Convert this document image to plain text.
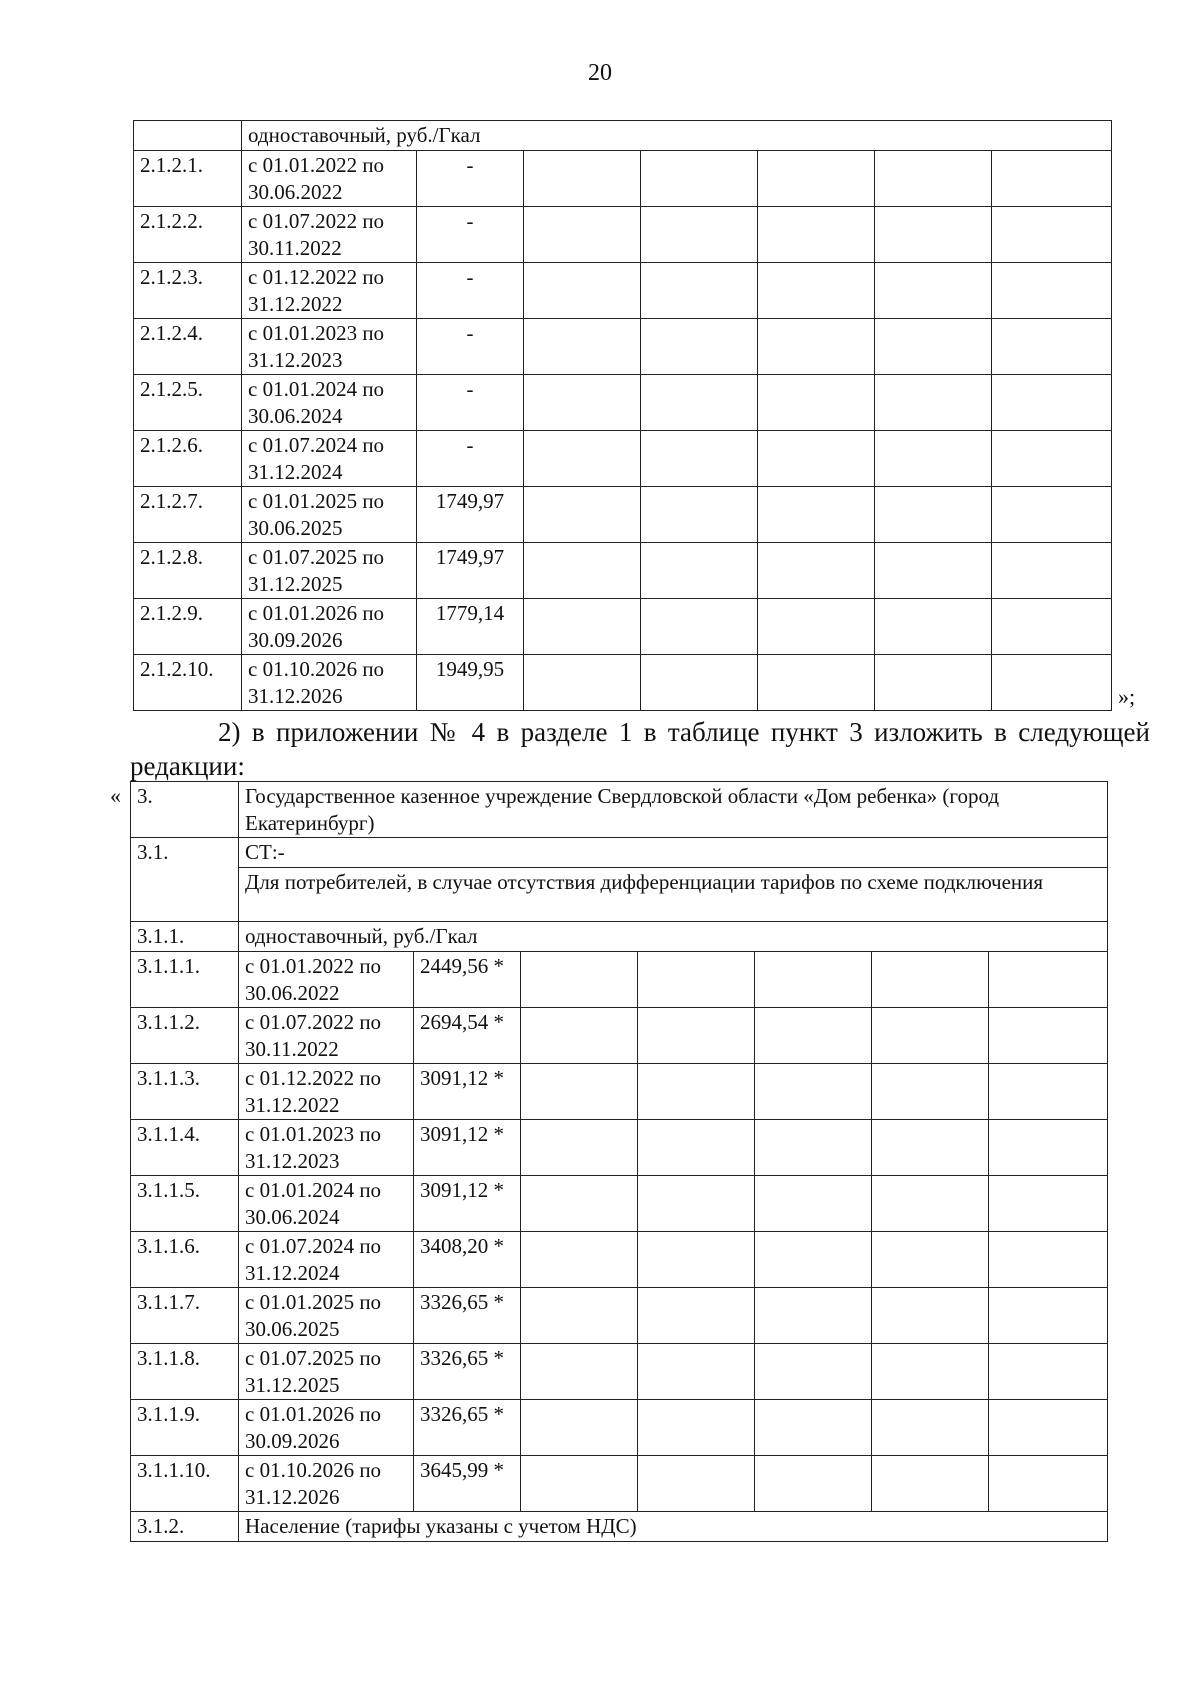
20
	одноставочный, руб./Гкал						
2.1.2.1.	с 01.01.2022 по 30.06.2022	-					
2.1.2.2.	с 01.07.2022 по 30.11.2022	-					
2.1.2.3.	с 01.12.2022 по 31.12.2022	-					
2.1.2.4.	с 01.01.2023 по 31.12.2023	-					
2.1.2.5.	с 01.01.2024 по 30.06.2024	-					
2.1.2.6.	с 01.07.2024 по 31.12.2024	-					
2.1.2.7.	с 01.01.2025 по 30.06.2025	1749,97					
2.1.2.8.	с 01.07.2025 по 31.12.2025	1749,97					
2.1.2.9.	с 01.01.2026 по 30.09.2026	1779,14					
2.1.2.10.	с 01.10.2026 по 31.12.2026	1949,95					
»;
2) в приложении № 4 в разделе 1 в таблице пункт 3 изложить в следующей редакции:
« 3.	Государственное казенное учреждение Свердловской области «Дом ребенка» (город Екатеринбург)						
3.1.	СТ:-						
	Для потребителей, в случае отсутствия дифференциации тарифов по схеме подключения						
3.1.1.	одноставочный, руб./Гкал						
3.1.1.1.	с 01.01.2022 по 30.06.2022	2449,56 *					
3.1.1.2.	с 01.07.2022 по 30.11.2022	2694,54 *					
3.1.1.3.	с 01.12.2022 по 31.12.2022	3091,12 *					
3.1.1.4.	с 01.01.2023 по 31.12.2023	3091,12 *					
3.1.1.5.	с 01.01.2024 по 30.06.2024	3091,12 *					
3.1.1.6.	с 01.07.2024 по 31.12.2024	3408,20 *					
3.1.1.7.	с 01.01.2025 по 30.06.2025	3326,65 *					
3.1.1.8.	с 01.07.2025 по 31.12.2025	3326,65 *					
3.1.1.9.	с 01.01.2026 по 30.09.2026	3326,65 *					
3.1.1.10.	с 01.10.2026 по 31.12.2026	3645,99 *					
3.1.2.	Население (тарифы указаны с учетом НДС)						
